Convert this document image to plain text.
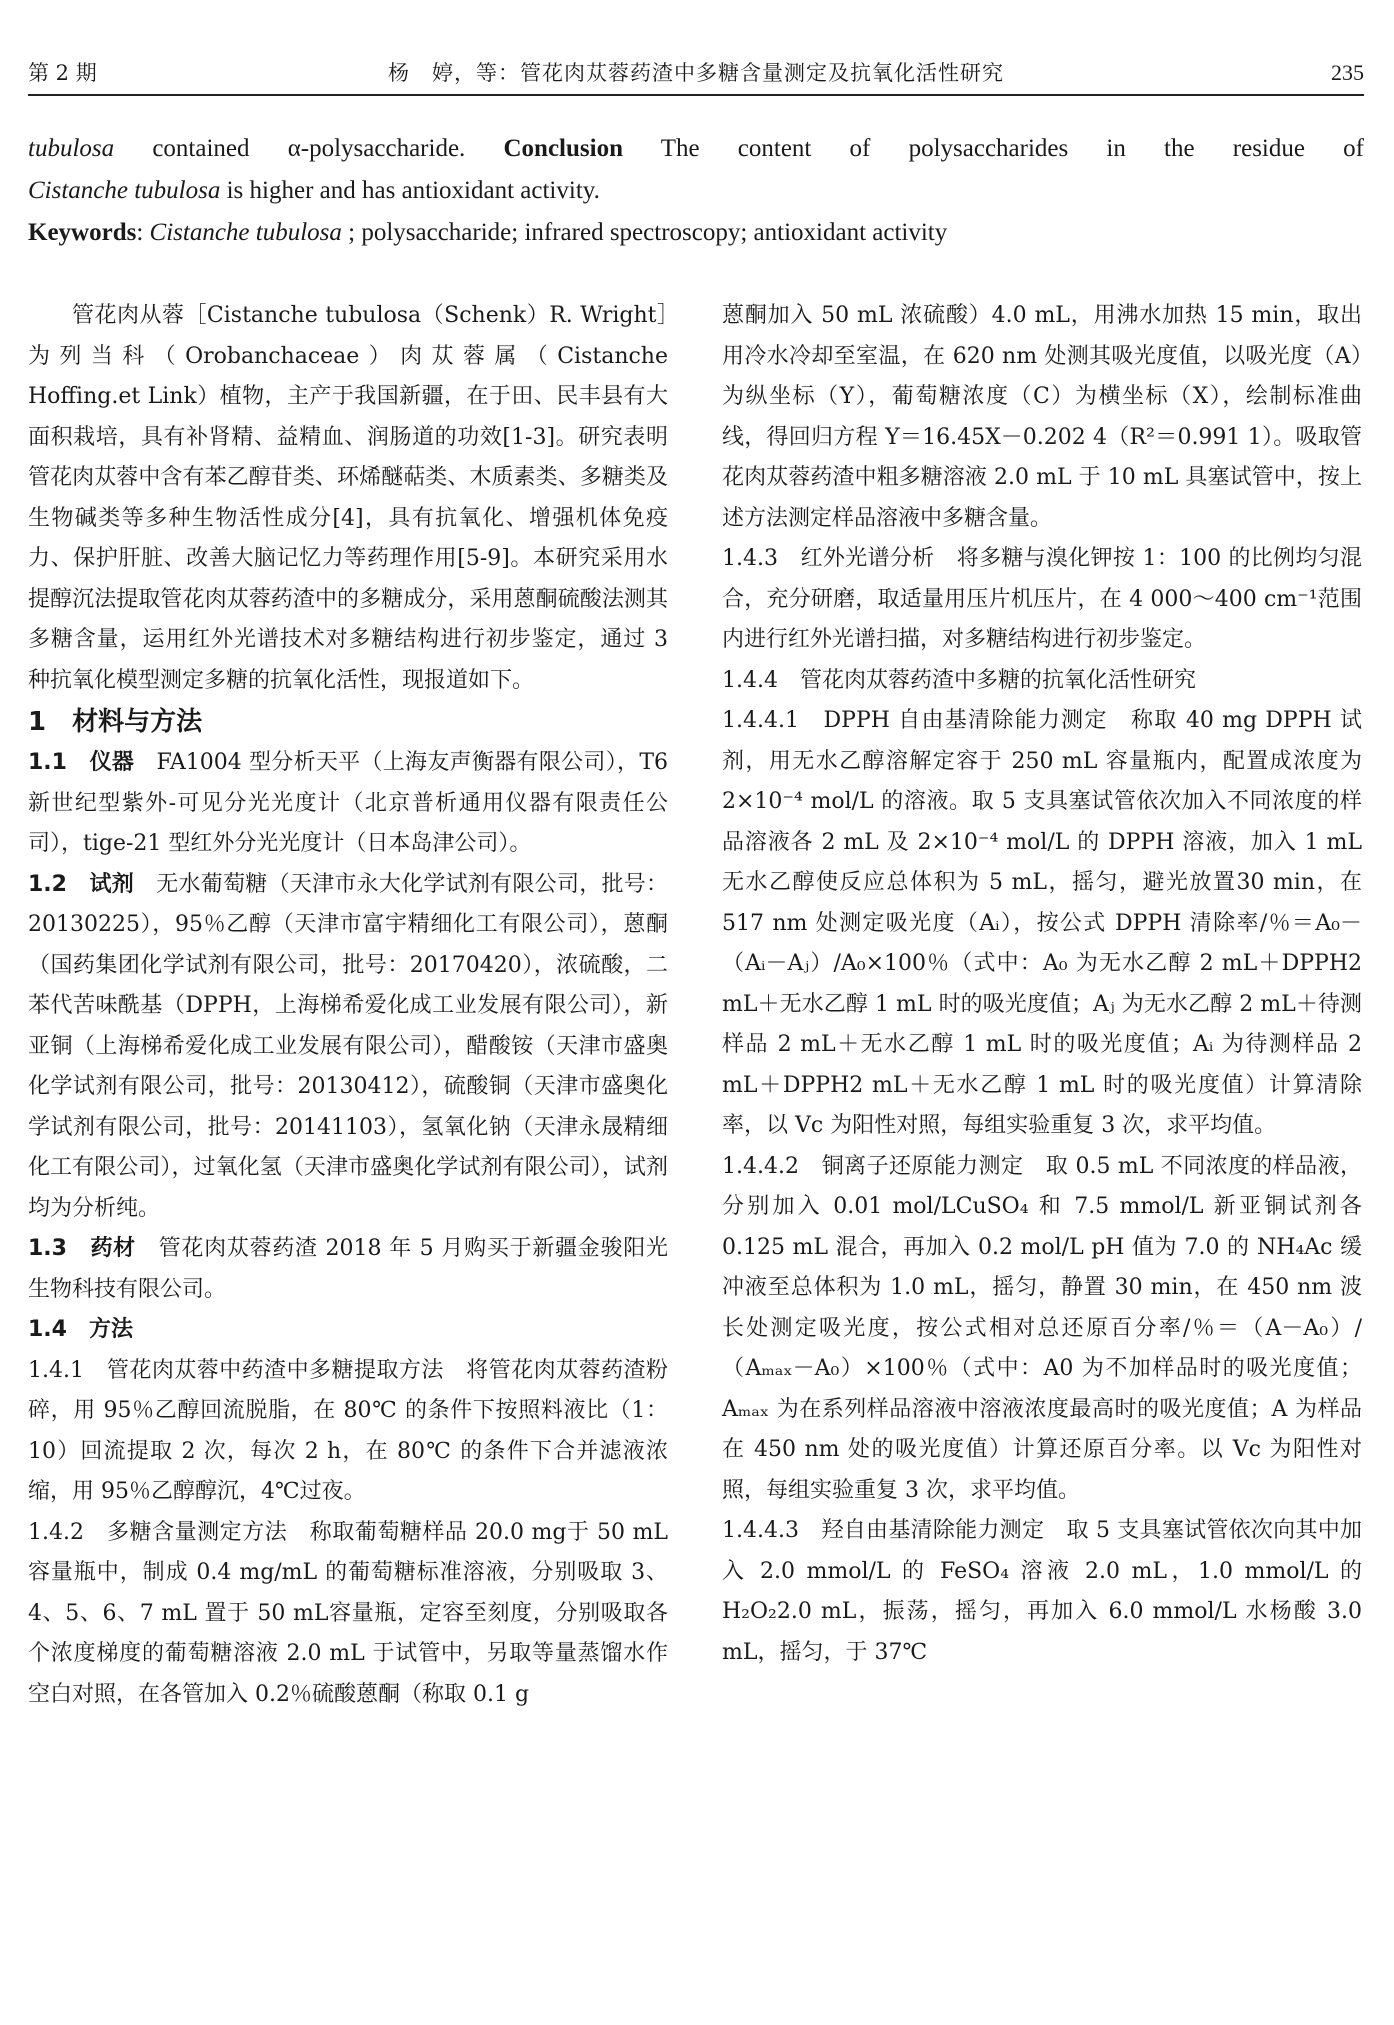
第 2 期	杨　婷，等：管花肉苁蓉药渣中多糖含量测定及抗氧化活性研究	235

tubulosa contained α-polysaccharide. Conclusion The content of polysaccharides in the residue of

Cistanche tubulosa is higher and has antioxidant activity.

Keywords: Cistanche tubulosa ; polysaccharide; infrared spectroscopy; antioxidant activity

管花肉从蓉［Cistanche tubulosa（Schenk）R. Wright］为列当科（Orobanchaceae）肉苁蓉属（Cistanche Hoffing.et Link）植物，主产于我国新疆，在于田、民丰县有大面积栽培，具有补肾精、益精血、润肠道的功效[1-3]。研究表明管花肉苁蓉中含有苯乙醇苷类、环烯醚萜类、木质素类、多糖类及生物碱类等多种生物活性成分[4]，具有抗氧化、增强机体免疫力、保护肝脏、改善大脑记忆力等药理作用[5-9]。本研究采用水提醇沉法提取管花肉苁蓉药渣中的多糖成分，采用蒽酮硫酸法测其多糖含量，运用红外光谱技术对多糖结构进行初步鉴定，通过 3 种抗氧化模型测定多糖的抗氧化活性，现报道如下。

1　材料与方法

1.1　仪器　FA1004 型分析天平（上海友声衡器有限公司），T6 新世纪型紫外-可见分光光度计（北京普析通用仪器有限责任公司），tige-21 型红外分光光度计（日本岛津公司）。

1.2　试剂　无水葡萄糖（天津市永大化学试剂有限公司，批号：20130225），95％乙醇（天津市富宇精细化工有限公司），蒽酮（国药集团化学试剂有限公司，批号：20170420），浓硫酸，二苯代苦味酰基（DPPH，上海梯希爱化成工业发展有限公司），新亚铜（上海梯希爱化成工业发展有限公司），醋酸铵（天津市盛奥化学试剂有限公司，批号：20130412），硫酸铜（天津市盛奥化学试剂有限公司，批号：20141103），氢氧化钠（天津永晟精细化工有限公司），过氧化氢（天津市盛奥化学试剂有限公司），试剂均为分析纯。

1.3　药材　管花肉苁蓉药渣 2018 年 5 月购买于新疆金骏阳光生物科技有限公司。

1.4　方法

1.4.1　管花肉苁蓉中药渣中多糖提取方法　将管花肉苁蓉药渣粉碎，用 95％乙醇回流脱脂，在 80℃ 的条件下按照料液比（1：10）回流提取 2 次，每次 2 h，在 80℃ 的条件下合并滤液浓缩，用 95％乙醇醇沉，4℃过夜。

1.4.2　多糖含量测定方法　称取葡萄糖样品 20.0 mg于 50 mL 容量瓶中，制成 0.4 mg/mL 的葡萄糖标准溶液，分别吸取 3、4、5、6、7 mL 置于 50 mL容量瓶，定容至刻度，分别吸取各个浓度梯度的葡萄糖溶液 2.0 mL 于试管中，另取等量蒸馏水作空白对照，在各管加入 0.2％硫酸蒽酮（称取 0.1 g

蒽酮加入 50 mL 浓硫酸）4.0 mL，用沸水加热 15 min，取出用冷水冷却至室温，在 620 nm 处测其吸光度值，以吸光度（A）为纵坐标（Y），葡萄糖浓度（C）为横坐标（X），绘制标准曲线，得回归方程 Y＝16.45X－0.202 4（R²＝0.991 1）。吸取管花肉苁蓉药渣中粗多糖溶液 2.0 mL 于 10 mL 具塞试管中，按上述方法测定样品溶液中多糖含量。

1.4.3　红外光谱分析　将多糖与溴化钾按 1：100 的比例均匀混合，充分研磨，取适量用压片机压片，在 4 000～400 cm⁻¹范围内进行红外光谱扫描，对多糖结构进行初步鉴定。

1.4.4　管花肉苁蓉药渣中多糖的抗氧化活性研究

1.4.4.1　DPPH 自由基清除能力测定　称取 40 mg DPPH 试剂，用无水乙醇溶解定容于 250 mL 容量瓶内，配置成浓度为 2×10⁻⁴ mol/L 的溶液。取 5 支具塞试管依次加入不同浓度的样品溶液各 2 mL 及 2×10⁻⁴ mol/L 的 DPPH 溶液，加入 1 mL 无水乙醇使反应总体积为 5 mL，摇匀，避光放置30 min，在 517 nm 处测定吸光度（Aᵢ），按公式 DPPH 清除率/％＝A₀－（Aᵢ－Aⱼ）/A₀×100％（式中：A₀ 为无水乙醇 2 mL＋DPPH2 mL＋无水乙醇 1 mL 时的吸光度值；Aⱼ 为无水乙醇 2 mL＋待测样品 2 mL＋无水乙醇 1 mL 时的吸光度值；Aᵢ 为待测样品 2 mL＋DPPH2 mL＋无水乙醇 1 mL 时的吸光度值）计算清除率，以 Vc 为阳性对照，每组实验重复 3 次，求平均值。

1.4.4.2　铜离子还原能力测定　取 0.5 mL 不同浓度的样品液，分别加入 0.01 mol/LCuSO₄ 和 7.5 mmol/L 新亚铜试剂各 0.125 mL 混合，再加入 0.2 mol/L pH 值为 7.0 的 NH₄Ac 缓冲液至总体积为 1.0 mL，摇匀，静置 30 min，在 450 nm 波长处测定吸光度，按公式相对总还原百分率/％＝（A－A₀）/（Aₘₐₓ－A₀）×100％（式中：A0 为不加样品时的吸光度值；Aₘₐₓ 为在系列样品溶液中溶液浓度最高时的吸光度值；A 为样品在 450 nm 处的吸光度值）计算还原百分率。以 Vc 为阳性对照，每组实验重复 3 次，求平均值。

1.4.4.3　羟自由基清除能力测定　取 5 支具塞试管依次向其中加入 2.0 mmol/L 的 FeSO₄ 溶液 2.0 mL，1.0 mmol/L 的 H₂O₂2.0 mL，振荡，摇匀，再加入 6.0 mmol/L 水杨酸 3.0 mL，摇匀，于 37℃
